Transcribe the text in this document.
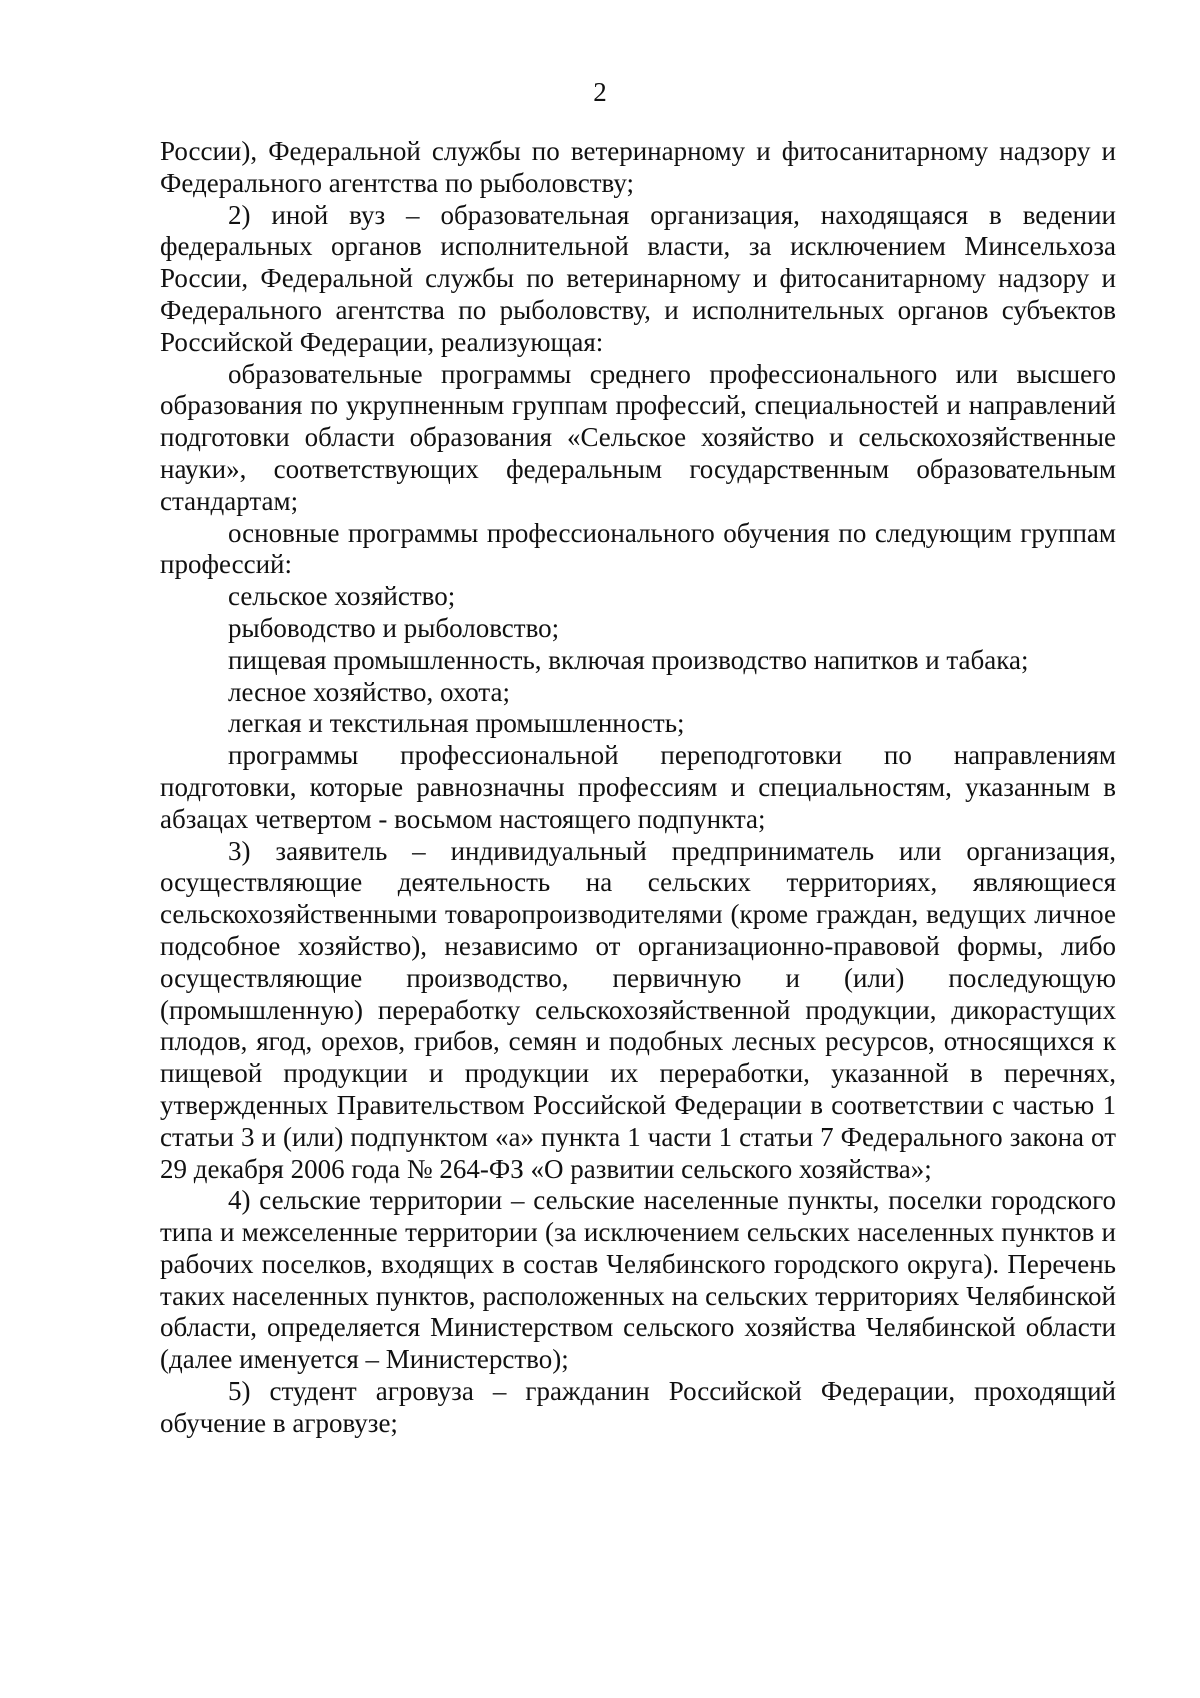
2

России), Федеральной службы по ветеринарному и фитосанитарному надзору и Федерального агентства по рыболовству;

2) иной вуз – образовательная организация, находящаяся в ведении федеральных органов исполнительной власти, за исключением Минсельхоза России, Федеральной службы по ветеринарному и фитосанитарному надзору и Федерального агентства по рыболовству, и исполнительных органов субъектов Российской Федерации, реализующая:

образовательные программы среднего профессионального или высшего образования по укрупненным группам профессий, специальностей и направлений подготовки области образования «Сельское хозяйство и сельскохозяйственные науки», соответствующих федеральным государственным образовательным стандартам;

основные программы профессионального обучения по следующим группам профессий:

сельское хозяйство;

рыбоводство и рыболовство;

пищевая промышленность, включая производство напитков и табака;

лесное хозяйство, охота;

легкая и текстильная промышленность;

программы профессиональной переподготовки по направлениям подготовки, которые равнозначны профессиям и специальностям, указанным в абзацах четвертом - восьмом настоящего подпункта;

3) заявитель – индивидуальный предприниматель или организация, осуществляющие деятельность на сельских территориях, являющиеся сельскохозяйственными товаропроизводителями (кроме граждан, ведущих личное подсобное хозяйство), независимо от организационно-правовой формы, либо осуществляющие производство, первичную и (или) последующую (промышленную) переработку сельскохозяйственной продукции, дикорастущих плодов, ягод, орехов, грибов, семян и подобных лесных ресурсов, относящихся к пищевой продукции и продукции их переработки, указанной в перечнях, утвержденных Правительством Российской Федерации в соответствии с частью 1 статьи 3 и (или) подпунктом «а» пункта 1 части 1 статьи 7 Федерального закона от 29 декабря 2006 года № 264-ФЗ «О развитии сельского хозяйства»;

4) сельские территории – сельские населенные пункты, поселки городского типа и межселенные территории (за исключением сельских населенных пунктов и рабочих поселков, входящих в состав Челябинского городского округа). Перечень таких населенных пунктов, расположенных на сельских территориях Челябинской области, определяется Министерством сельского хозяйства Челябинской области (далее именуется – Министерство);

5) студент агровуза – гражданин Российской Федерации, проходящий обучение в агровузе;
